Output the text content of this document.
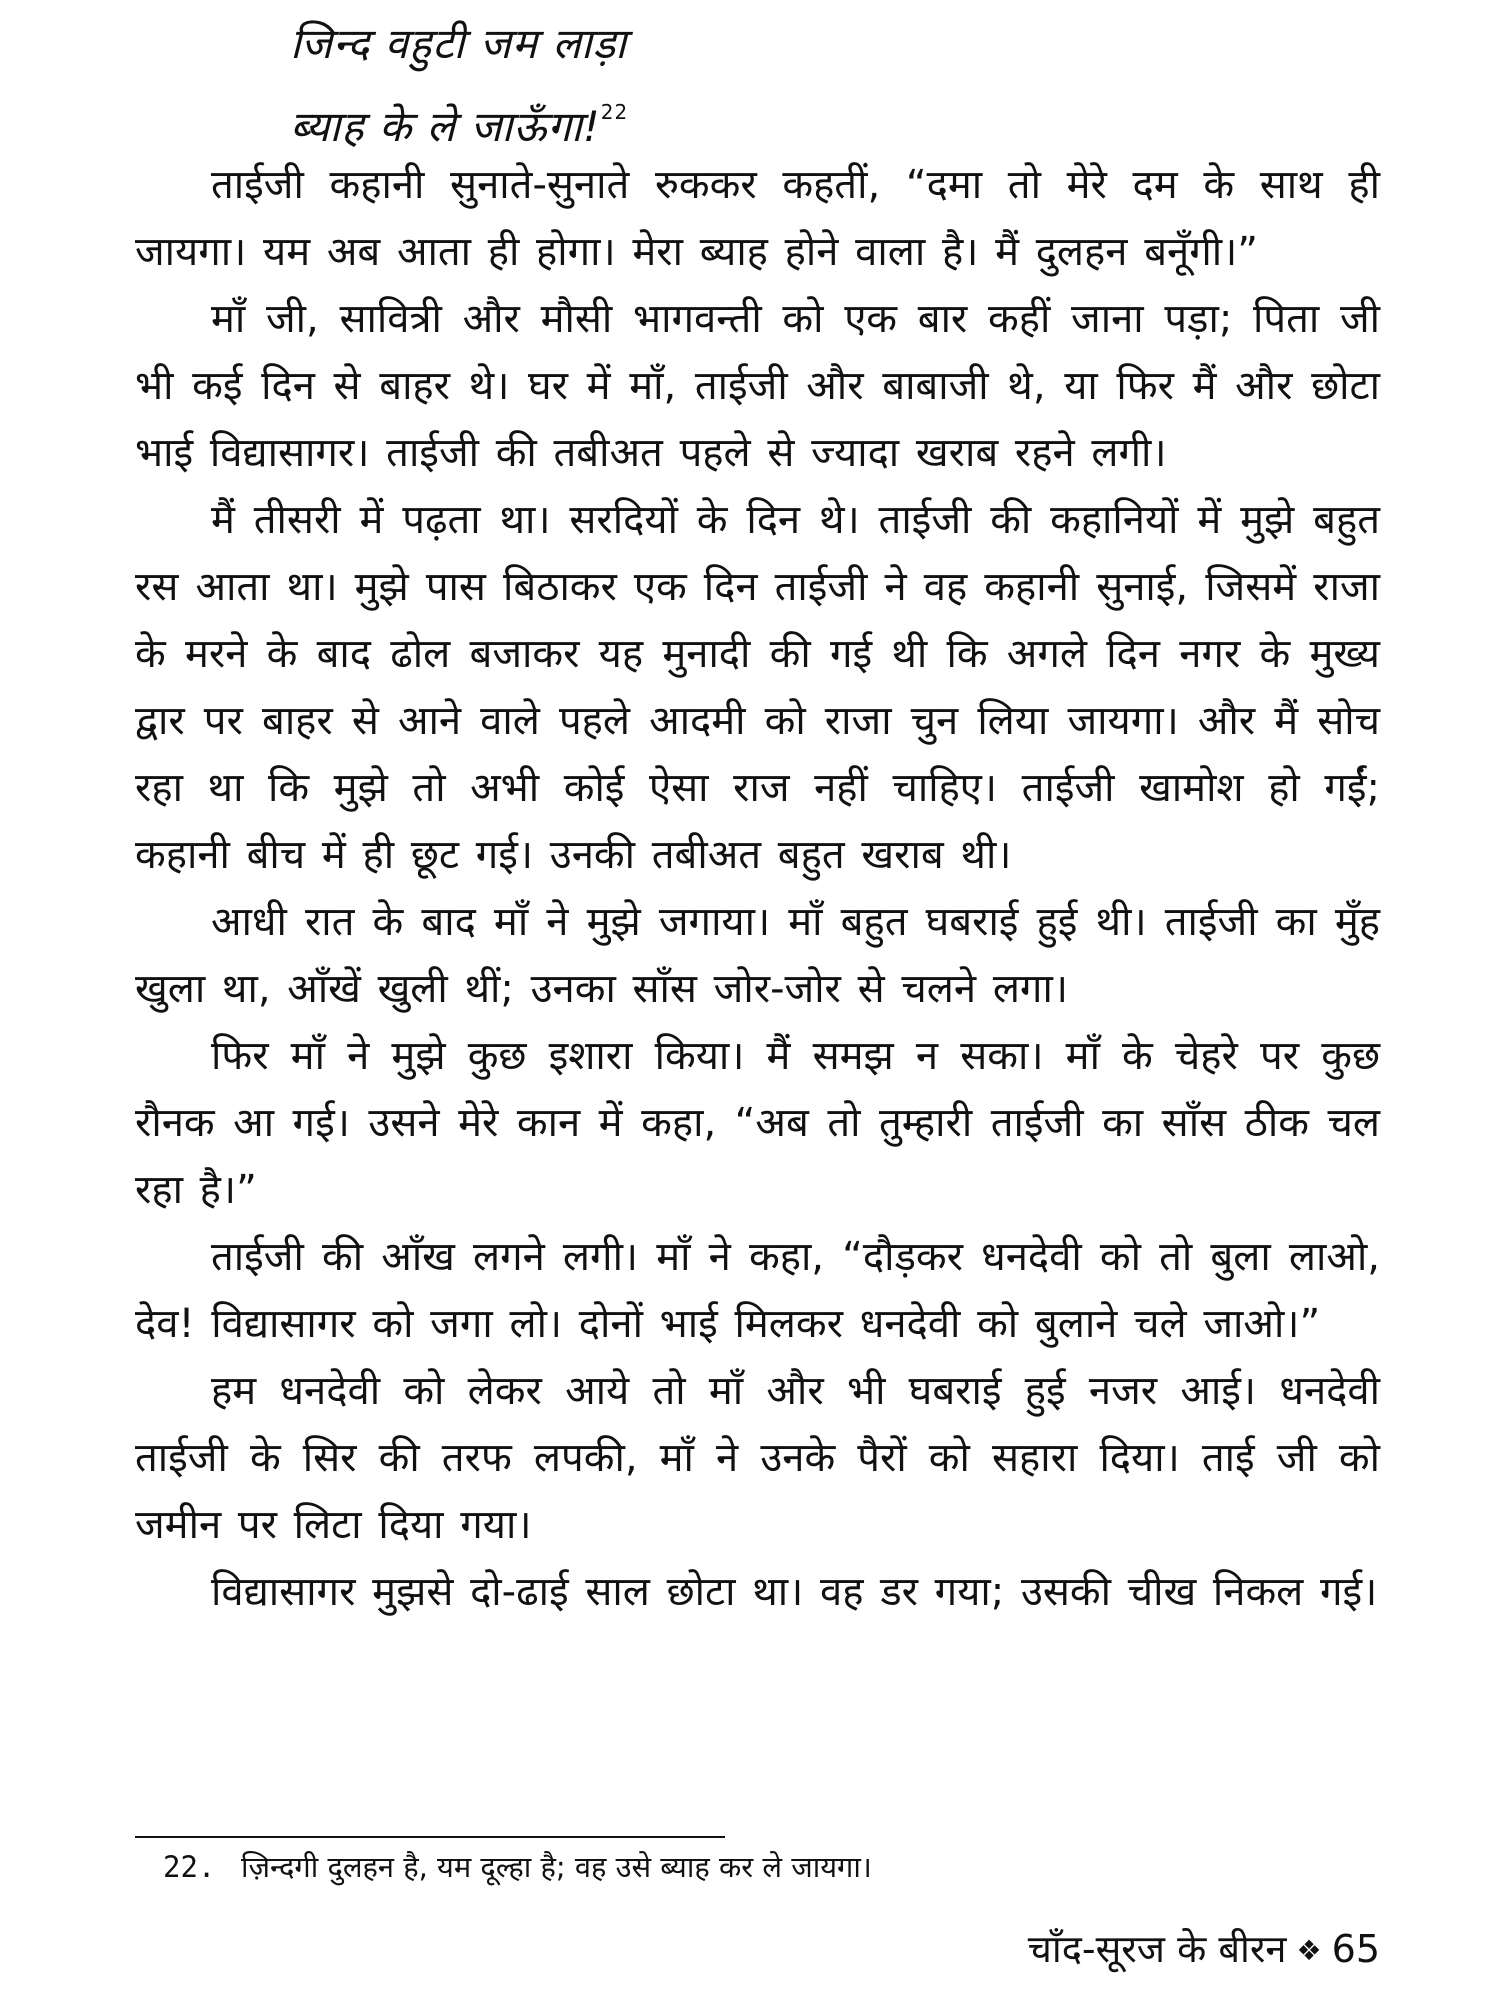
जिन्द वहुटी जम लाड़ा
ब्याह के ले जाऊँगा!$^{22}$

ताईजी कहानी सुनाते-सुनाते रुककर कहतीं, “दमा तो मेरे दम के साथ ही जायगा। यम अब आता ही होगा। मेरा ब्याह होने वाला है। मैं दुलहन बनूँगी।”

माँ जी, सावित्री और मौसी भागवन्ती को एक बार कहीं जाना पड़ा; पिता जी भी कई दिन से बाहर थे। घर में माँ, ताईजी और बाबाजी थे, या फिर मैं और छोटा भाई विद्यासागर। ताईजी की तबीअत पहले से ज्यादा खराब रहने लगी।

मैं तीसरी में पढ़ता था। सरदियों के दिन थे। ताईजी की कहानियों में मुझे बहुत रस आता था। मुझे पास बिठाकर एक दिन ताईजी ने वह कहानी सुनाई, जिसमें राजा के मरने के बाद ढोल बजाकर यह मुनादी की गई थी कि अगले दिन नगर के मुख्य द्वार पर बाहर से आने वाले पहले आदमी को राजा चुन लिया जायगा। और मैं सोच रहा था कि मुझे तो अभी कोई ऐसा राज नहीं चाहिए। ताईजी खामोश हो गईं; कहानी बीच में ही छूट गई। उनकी तबीअत बहुत खराब थी।

आधी रात के बाद माँ ने मुझे जगाया। माँ बहुत घबराई हुई थी। ताईजी का मुँह खुला था, आँखें खुली थीं; उनका साँस जोर-जोर से चलने लगा।

फिर माँ ने मुझे कुछ इशारा किया। मैं समझ न सका। माँ के चेहरे पर कुछ रौनक आ गई। उसने मेरे कान में कहा, “अब तो तुम्हारी ताईजी का साँस ठीक चल रहा है।”

ताईजी की आँख लगने लगी। माँ ने कहा, “दौड़कर धनदेवी को तो बुला लाओ, देव! विद्यासागर को जगा लो। दोनों भाई मिलकर धनदेवी को बुलाने चले जाओ।”

हम धनदेवी को लेकर आये तो माँ और भी घबराई हुई नजर आई। धनदेवी ताईजी के सिर की तरफ लपकी, माँ ने उनके पैरों को सहारा दिया। ताई जी को जमीन पर लिटा दिया गया।

विद्यासागर मुझसे दो-ढाई साल छोटा था। वह डर गया; उसकी चीख निकल गई।

22. ज़िन्दगी दुलहन है, यम दूल्हा है; वह उसे ब्याह कर ले जायगा।
चाँद-सूरज के बीरन ❖ 65
